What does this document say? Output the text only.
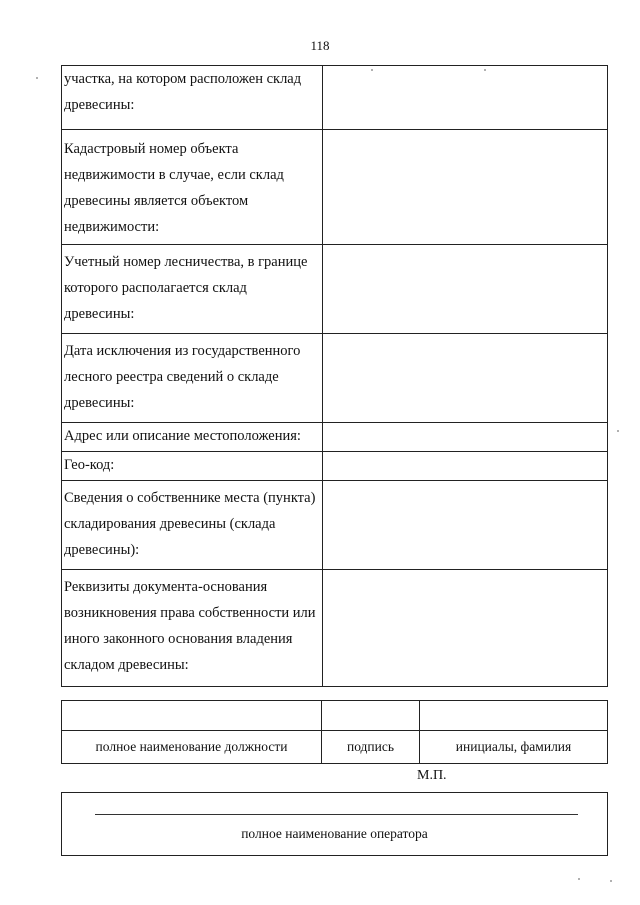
118
участка, на котором расположен склад древесины:	
Кадастровый номер объекта недвижимости в случае, если склад древесины является объектом недвижимости:	
Учетный номер лесничества, в границе которого располагается склад древесины:	
Дата исключения из государственного лесного реестра сведений о складе древесины:	
Адрес или описание местоположения:	
Гео-код:	
Сведения о собственнике места (пункта) складирования древесины (склада древесины):	
Реквизиты документа-основания возникновения права собственности или иного законного основания владения складом древесины:	

полное наименование должности	подпись	инициалы, фамилия
М.П.
полное наименование оператора
